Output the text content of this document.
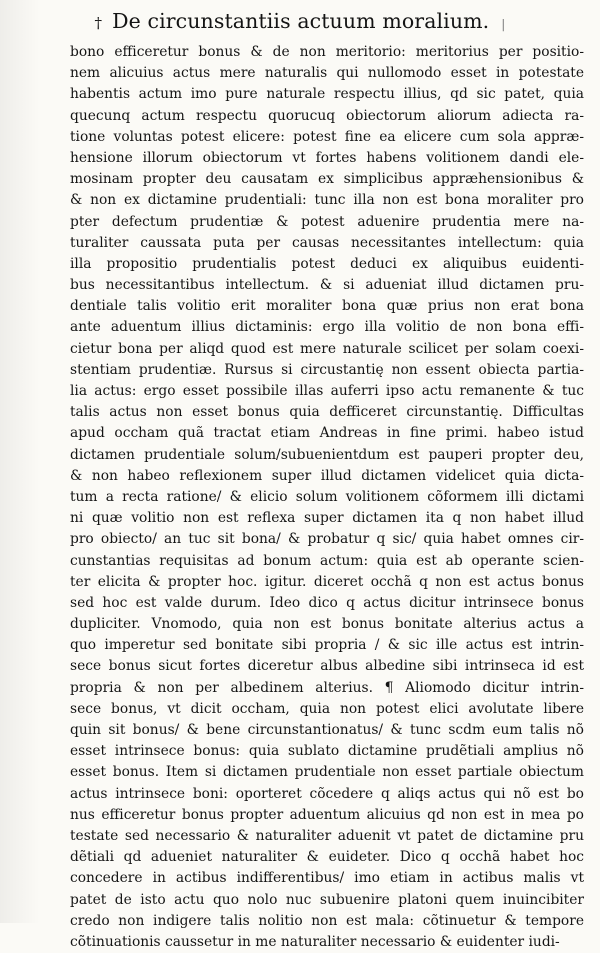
† De circunstantiis actuum moralium. |
bono efficeretur bonus & de non meritorio: meritorius per positio-
nem alicuius actus mere naturalis qui nullomodo esset in potestate
habentis actum imo pure naturale respectu illius, qd sic patet, quia
quecunq actum respectu quorucuq obiectorum aliorum adiecta ra-
tione voluntas potest elicere: potest fine ea elicere cum sola appræ-
hensione illorum obiectorum vt fortes habens volitionem dandi ele-
mosinam propter deu causatam ex simplicibus appræhensionibus &
& non ex dictamine prudentiali: tunc illa non est bona moraliter pro
pter defectum prudentiæ & potest aduenire prudentia mere na-
turaliter caussata puta per causas necessitantes intellectum: quia
illa propositio prudentialis potest deduci ex aliquibus euidenti-
bus necessitantibus intellectum. & si adueniat illud dictamen pru-
dentiale talis volitio erit moraliter bona quæ prius non erat bona
ante aduentum illius dictaminis: ergo illa volitio de non bona effi-
cietur bona per aliqd quod est mere naturale scilicet per solam coexi-
stentiam prudentiæ. Rursus si circustantię non essent obiecta partia-
lia actus: ergo esset possibile illas auferri ipso actu remanente & tuc
talis actus non esset bonus quia defficeret circunstantię. Difficultas
apud occham quã tractat etiam Andreas in fine primi. habeo istud
dictamen prudentiale solum/subuenientdum est pauperi propter deu,
& non habeo reflexionem super illud dictamen videlicet quia dicta-
tum a recta ratione/ & elicio solum volitionem cõformem illi dictami
ni quæ volitio non est reflexa super dictamen ita q non habet illud
pro obiecto/ an tuc sit bona/ & probatur q sic/ quia habet omnes cir-
cunstantias requisitas ad bonum actum: quia est ab operante scien-
ter elicita & propter hoc. igitur. diceret occhã q non est actus bonus
sed hoc est valde durum. Ideo dico q actus dicitur intrinsece bonus
dupliciter. Vnomodo, quia non est bonus bonitate alterius actus a
quo imperetur sed bonitate sibi propria / & sic ille actus est intrin-
sece bonus sicut fortes diceretur albus albedine sibi intrinseca id est
propria & non per albedinem alterius. ¶ Aliomodo dicitur intrin-
sece bonus, vt dicit occham, quia non potest elici avolutate libere
quin sit bonus/ & bene circunstantionatus/ & tunc scdm eum talis nõ
esset intrinsece bonus: quia sublato dictamine prudẽtiali amplius nõ
esset bonus. Item si dictamen prudentiale non esset partiale obiectum
actus intrinsece boni: oporteret cõcedere q aliqs actus qui nõ est bo
nus efficeretur bonus propter aduentum alicuius qd non est in mea po
testate sed necessario & naturaliter aduenit vt patet de dictamine pru
dẽtiali qd adueniet naturaliter & euideter. Dico q occhã habet hoc
concedere in actibus indifferentibus/ imo etiam in actibus malis vt
patet de isto actu quo nolo nuc subuenire platoni quem inuincibiter
credo non indigere talis nolitio non est mala: cõtinuetur & tempore
cõtinuationis caussetur in me naturaliter necessario & euidenter iudi-
